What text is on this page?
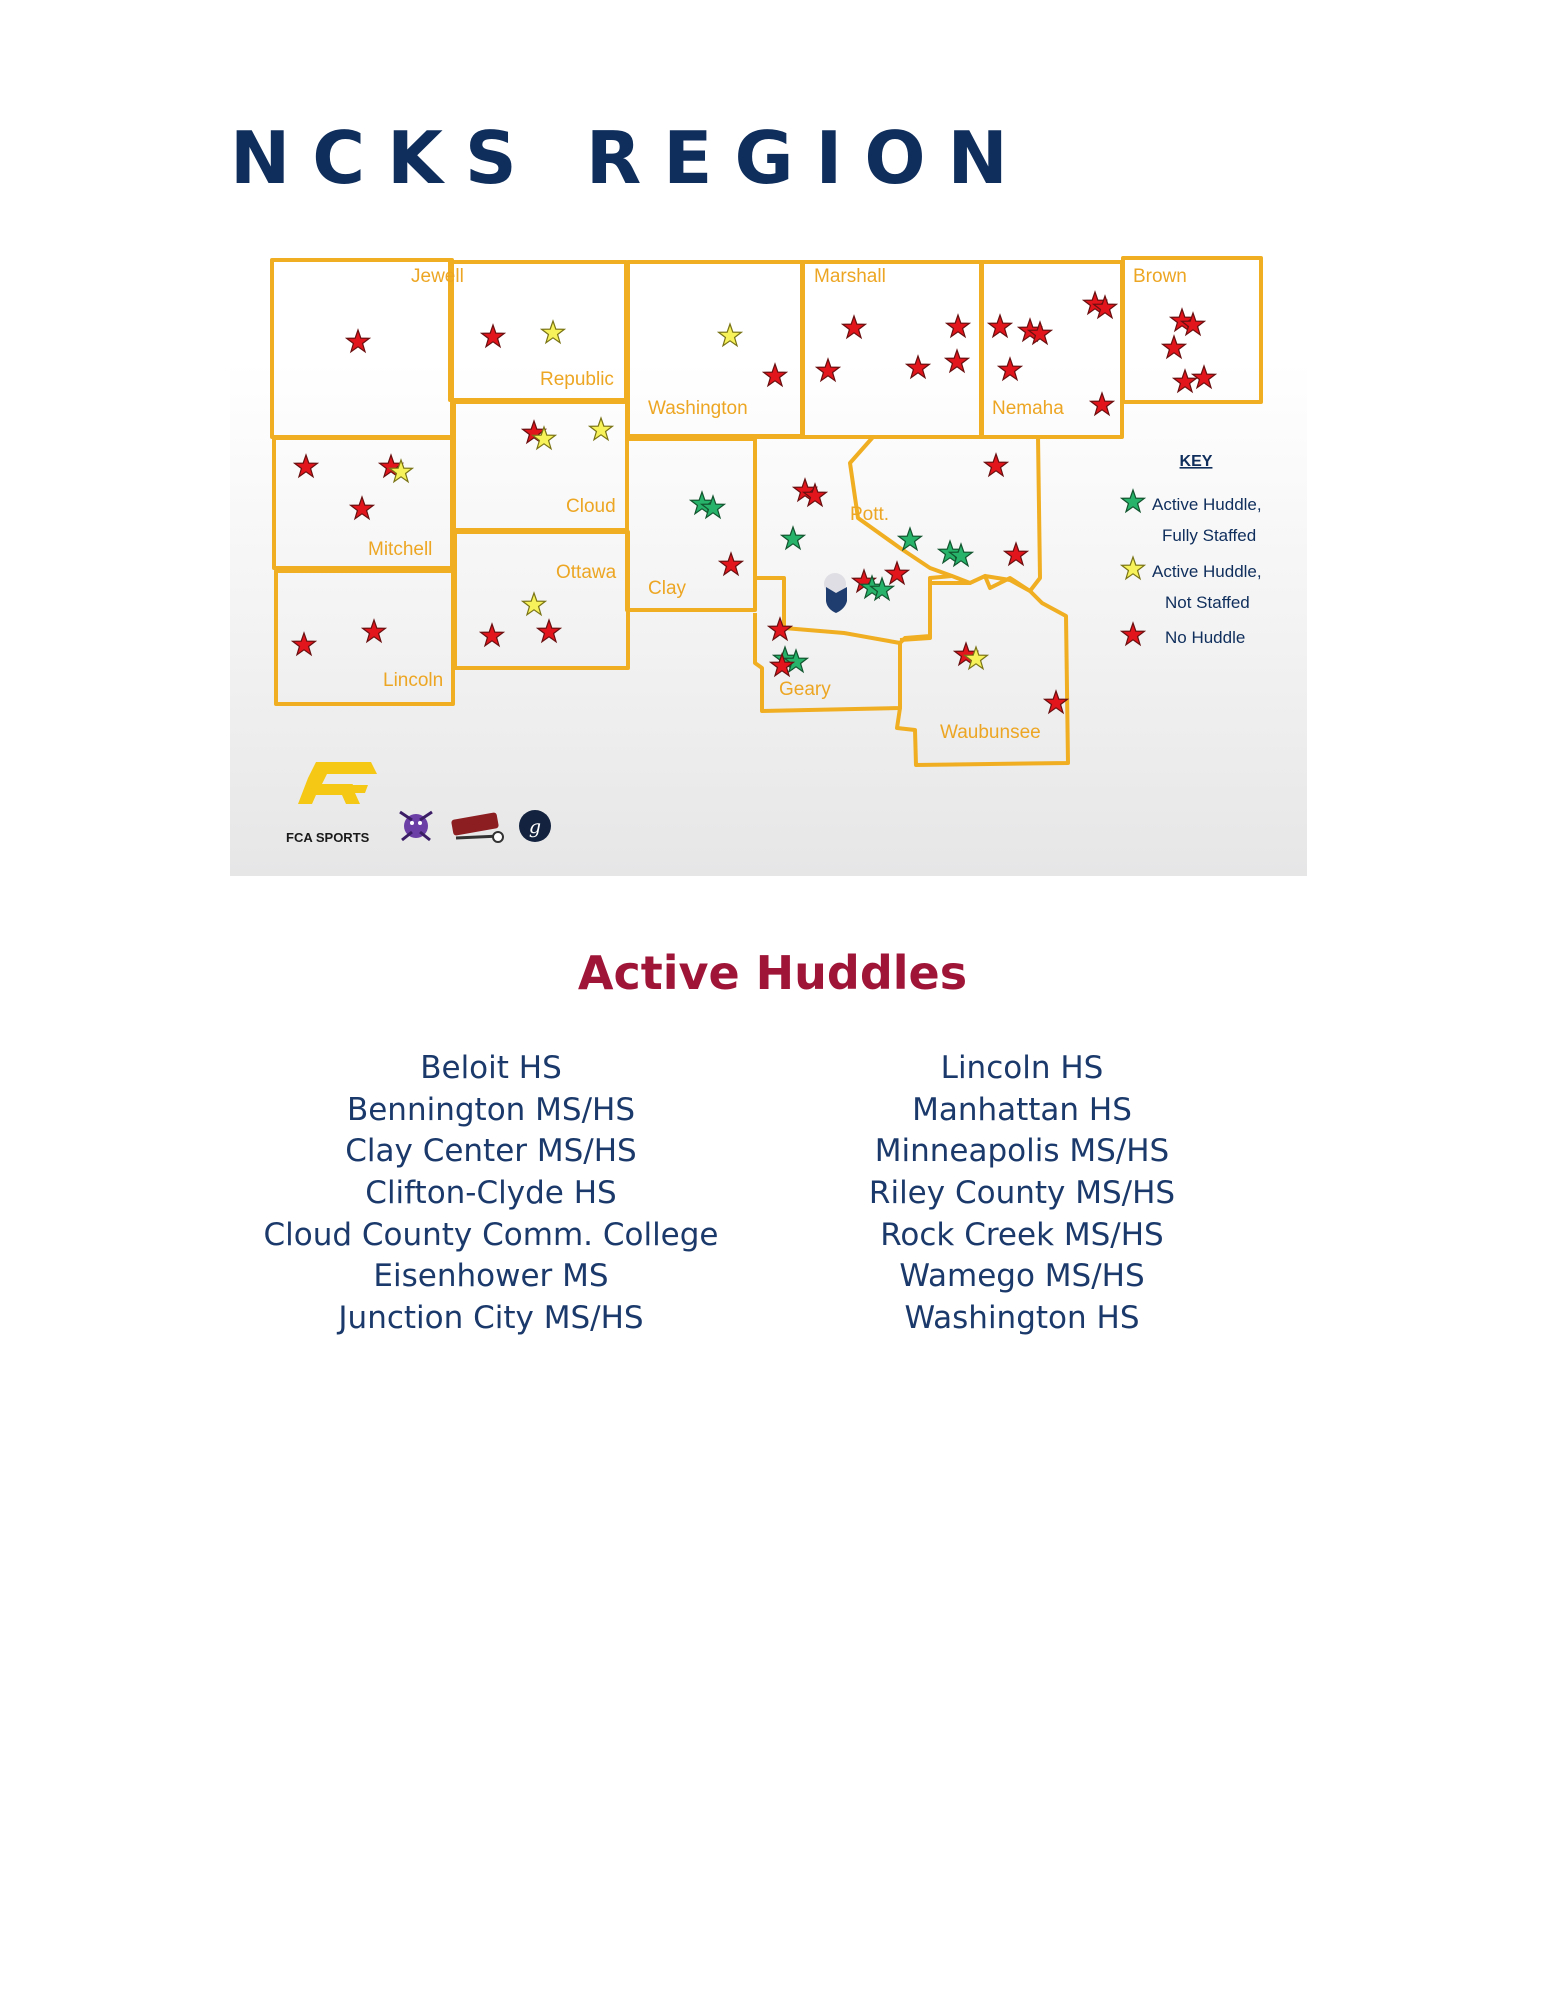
NCKS REGION
Jewell
Republic
Washington
Marshall
Nemaha
Brown
Mitchell
Cloud
Clay
Pott.
Lincoln
Ottawa
Geary
Waubunsee
KEY
Active Huddle,
Fully Staffed
Active Huddle,
Not Staffed
No Huddle
FCA SPORTS	g
Active Huddles
Beloit HS
Bennington MS/HS
Clay Center MS/HS
Clifton-Clyde HS
Cloud County Comm. College
Eisenhower MS
Junction City MS/HS
Lincoln HS
Manhattan HS
Minneapolis MS/HS
Riley County MS/HS
Rock Creek MS/HS
Wamego MS/HS
Washington HS
